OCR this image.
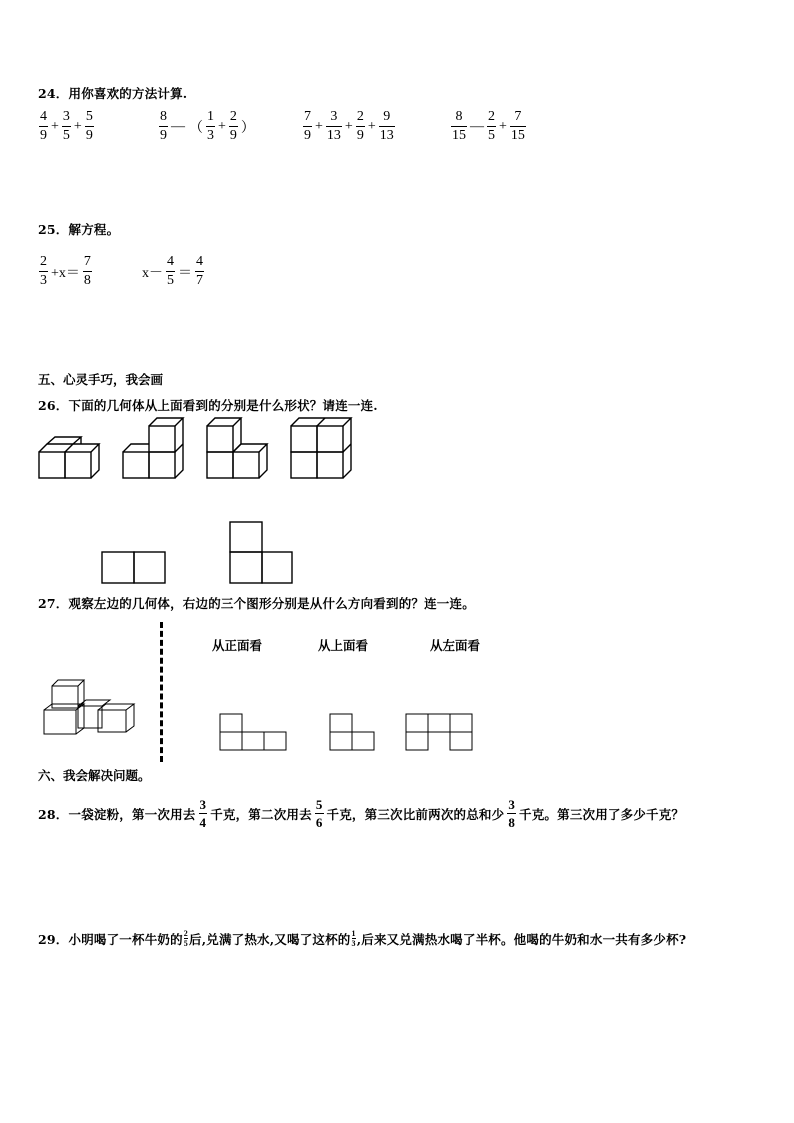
24．用你喜欢的方法计算.
$\frac{4}{9} + \frac{3}{5} + \frac{5}{9}$	$\frac{8}{9}$ — （ $\frac{1}{3} + \frac{2}{9}$ ）	$\frac{7}{9} + \frac{3}{13} + \frac{2}{9} + \frac{9}{13}$	$\frac{8}{15}$ — $\frac{2}{5} + \frac{7}{15}$
25．解方程。
$\frac{2}{3} +x= \frac{7}{8}$	$x- \frac{4}{5} = \frac{4}{7}$
五、心灵手巧，我会画
26．下面的几何体从上面看到的分别是什么形状？请连一连.
27．观察左边的几何体，右边的三个图形分别是从什么方向看到的？连一连。
从正面看	从上面看	从左面看
六、我会解决问题。
28．一袋淀粉，第一次用去 $\frac{3}{4}$ 千克，第二次用去 $\frac{5}{6}$ 千克，第三次比前两次的总和少 $\frac{3}{8}$ 千克。第三次用了多少千克？
29．小明喝了一杯牛奶的 $\frac{2}{5}$ 后,兑满了热水,又喝了这杯的 $\frac{1}{3}$ ,后来又兑满热水喝了半杯。他喝的牛奶和水一共有多少杯?
